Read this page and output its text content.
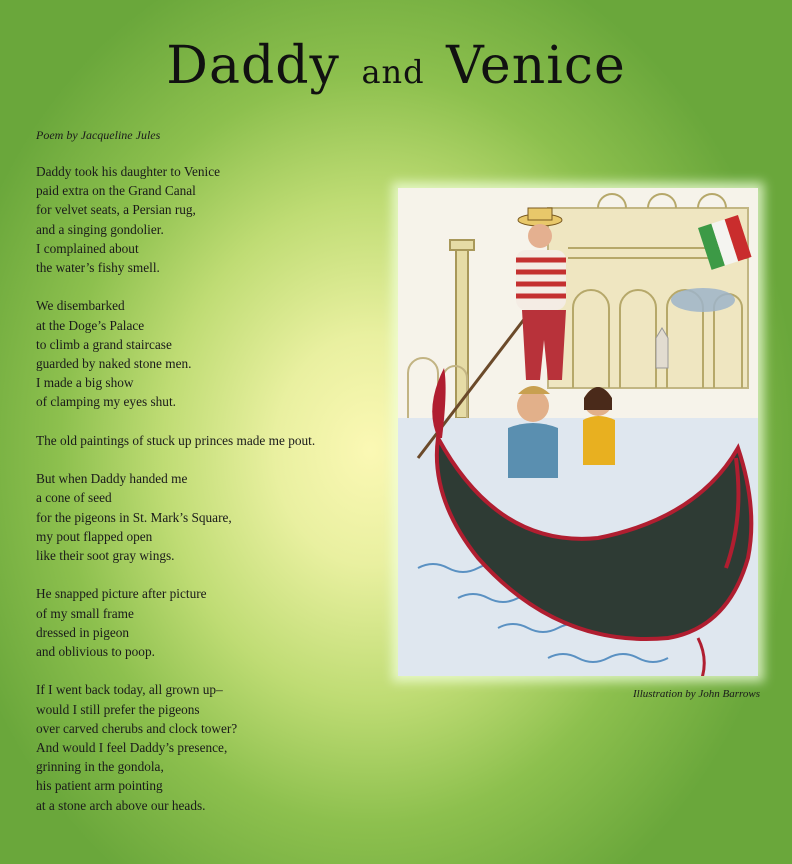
Daddy and Venice
Poem by Jacqueline Jules
Daddy took his daughter to Venice
paid extra on the Grand Canal
for velvet seats, a Persian rug,
and a singing gondolier.
I complained about
the water’s fishy smell.
We disembarked
at the Doge’s Palace
to climb a grand staircase
guarded by naked stone men.
I made a big show
of clamping my eyes shut.
The old paintings of stuck up princes made me pout.
But when Daddy handed me
a cone of seed
for the pigeons in St. Mark’s Square,
my pout flapped open
like their soot gray wings.
He snapped picture after picture
of my small frame
dressed in pigeon
and oblivious to poop.
If I went back today, all grown up–
would I still prefer the pigeons
over carved cherubs and clock tower?
And would I feel Daddy’s presence,
grinning in the gondola,
his patient arm pointing
at a stone arch above our heads.
Illustration by John Barrows
